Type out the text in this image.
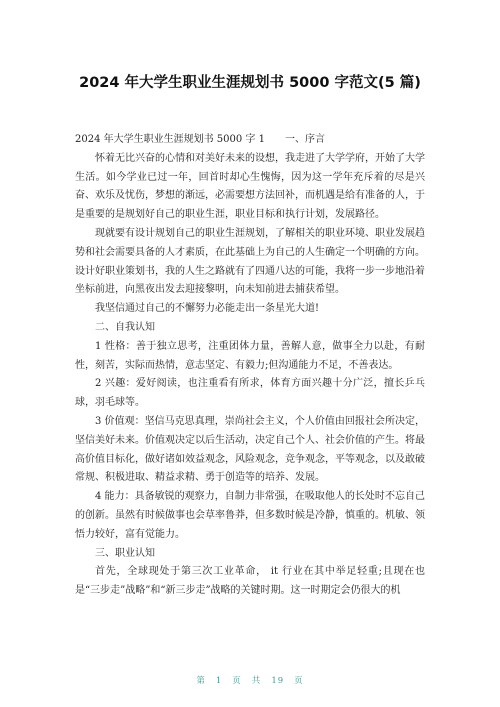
2024 年大学生职业生涯规划书 5000 字范文(5 篇)

2024 年大学生职业生涯规划书 5000 字 1　　一、序言

怀着无比兴奋的心情和对美好未来的设想，我走进了大学学府，开始了大学生活。如今学业已过一年，回首时却心生愧悔，因为这一学年充斥着的尽是兴奋、欢乐及忧伤，梦想的渐远，必需要想方法回补，而机遇是给有准备的人，于是重要的是规划好自己的职业生涯，职业目标和执行计划，发展路径。

现就要有设计规划自己的职业生涯规划，了解相关的职业环境、职业发展趋势和社会需要具备的人才素质，在此基础上为自己的人生确定一个明确的方向。设计好职业策划书，我的人生之路就有了四通八达的可能，我将一步一步地沿着坐标前进，向黑夜出发去迎接黎明，向未知前进去捕获希望。

我坚信通过自己的不懈努力必能走出一条星光大道!

二、自我认知

1 性格：善于独立思考，注重团体力量，善解人意，做事全力以赴，有耐性，刻苦，实际而热情，意志坚定、有毅力;但沟通能力不足，不善表达。

2 兴趣：爱好阅读，也注重看有所求，体育方面兴趣十分广泛，擅长乒乓球，羽毛球等。

3 价值观：坚信马克思真理，崇尚社会主义，个人价值由回报社会所决定，坚信美好未来。价值观决定以后生活动，决定自己个人、社会价值的产生。将最高价值目标化，做好诸如效益观念，风险观念，竞争观念，平等观念，以及敢破常规、积极进取、精益求精、勇于创造等的培养、发展。

4 能力：具备敏锐的观察力，自制力非常强，在吸取他人的长处时不忘自己的创新。虽然有时候做事也会草率鲁莽，但多数时候是冷静，慎重的。机敏、领悟力较好，富有觉能力。

三、职业认知

首先，全球现处于第三次工业革命， it 行业在其中举足轻重;且现在也是“三步走”战略”和“新三步走”战略的关键时期。这一时期定会仍很大的机

第 1 页 共 19 页
